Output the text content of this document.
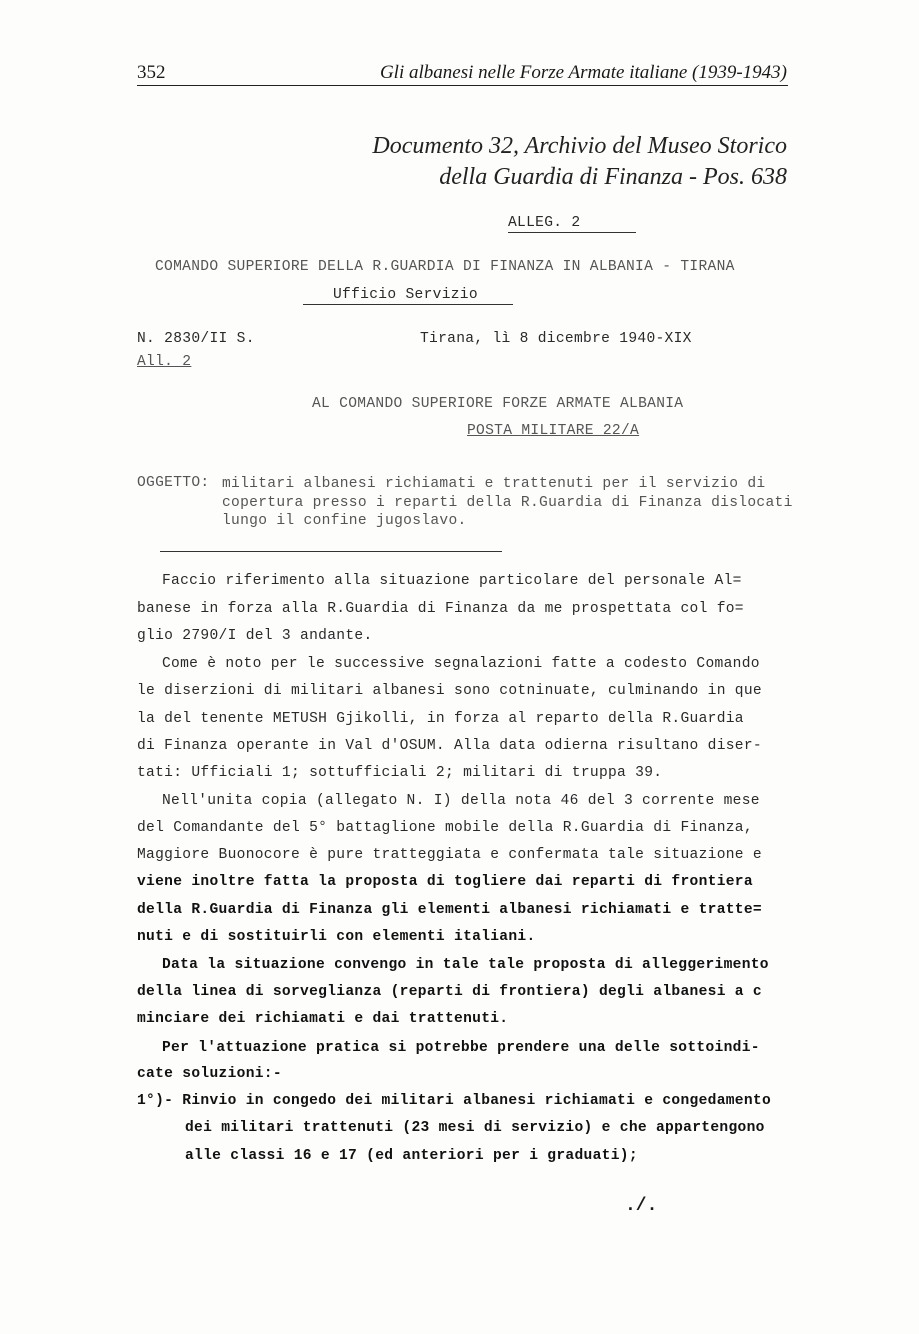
352	Gli albanesi nelle Forze Armate italiane (1939-1943)
Documento 32, Archivio del Museo Storico
della Guardia di Finanza - Pos. 638
ALLEG. 2
COMANDO SUPERIORE DELLA R.GUARDIA DI FINANZA IN ALBANIA - TIRANA
Ufficio Servizio
N. 2830/II S.	Tirana, lì 8 dicembre 1940-XIX
All. 2
AL COMANDO SUPERIORE FORZE ARMATE ALBANIA
POSTA MILITARE 22/A
OGGETTO: militari albanesi richiamati e trattenuti per il servizio di copertura presso i reparti della R.Guardia di Finanza dislocati lungo il confine jugoslavo.
Faccio riferimento alla situazione particolare del personale Al=
banese in forza alla R.Guardia di Finanza da me prospettata col fo=
glio 2790/I del 3 andante.
Come è noto per le successive segnalazioni fatte a codesto Comando
le diserzioni di militari albanesi sono cotninuate, culminando in que
la del tenente METUSH Gjikolli, in forza al reparto della R.Guardia
di Finanza operante in Val d'OSUM. Alla data odierna risultano diser-
tati: Ufficiali 1; sottufficiali 2; militari di truppa 39.
Nell'unita copia (allegato N. I) della nota 46 del 3 corrente mese
del Comandante del 5° battaglione mobile della R.Guardia di Finanza,
Maggiore Buonocore è pure tratteggiata e confermata tale situazione e
viene inoltre fatta la proposta di togliere dai reparti di frontiera
della R.Guardia di Finanza gli elementi albanesi richiamati e tratte=
nuti e di sostituirli con elementi italiani.
Data la situazione convengo in tale tale proposta di alleggerimento
della linea di sorveglianza (reparti di frontiera) degli albanesi a c
minciare dei richiamati e dai trattenuti.
Per l'attuazione pratica si potrebbe prendere una delle sottoindi-
cate soluzioni:-
1°)- Rinvio in congedo dei militari albanesi richiamati e congedamento
dei militari trattenuti (23 mesi di servizio) e che appartengono
alle classi 16 e 17 (ed anteriori per i graduati);
./.
